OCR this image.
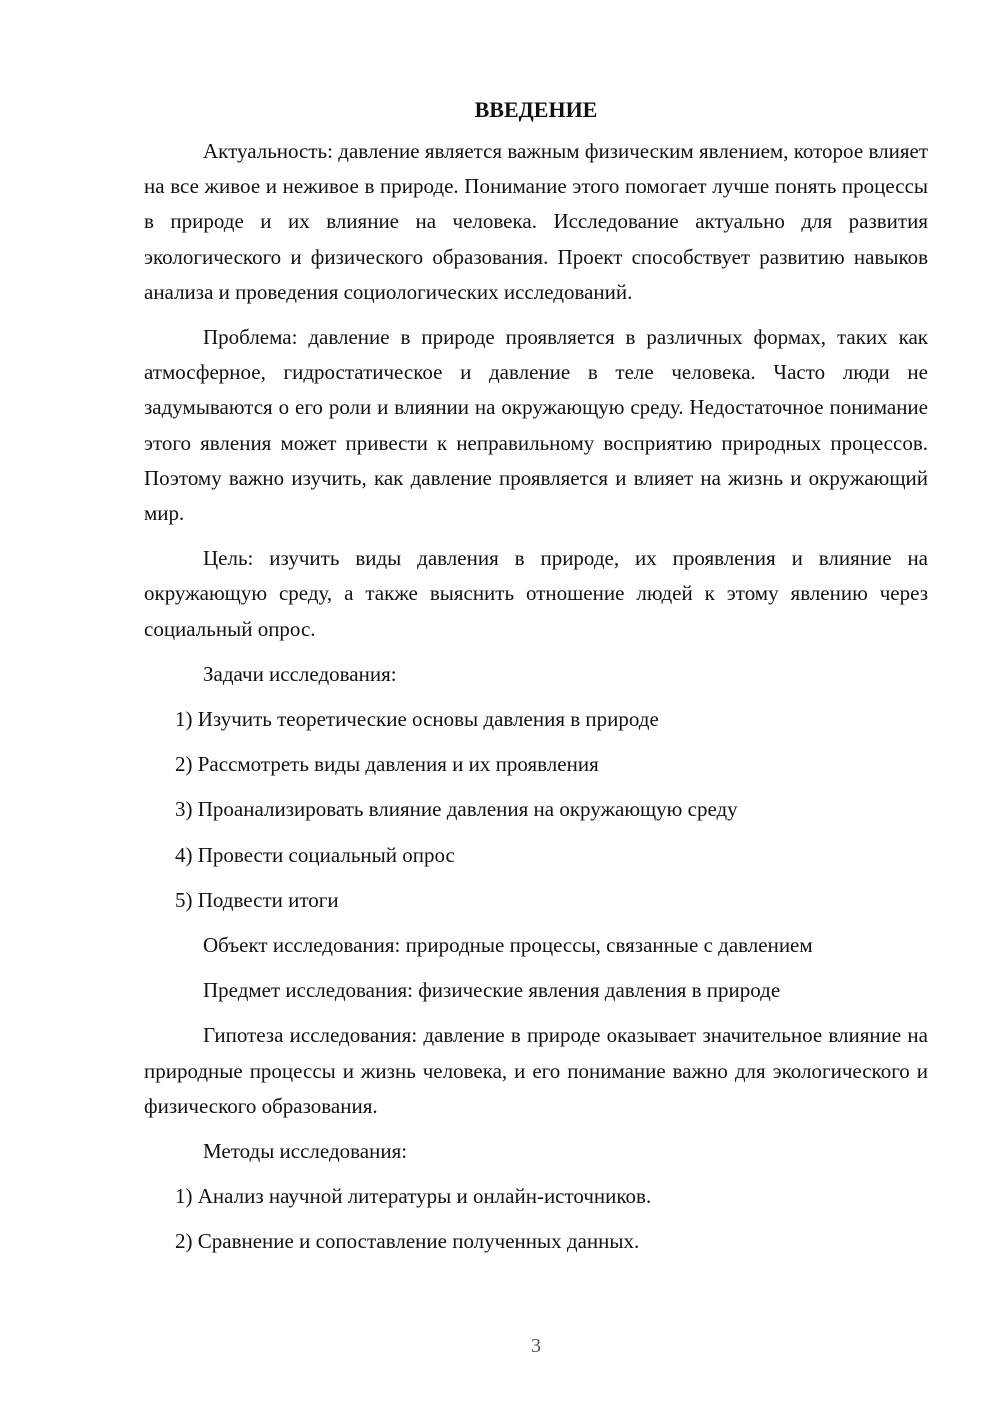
ВВЕДЕНИЕ

Актуальность: давление является важным физическим явлением, которое влияет на все живое и неживое в природе. Понимание этого помогает лучше понять процессы в природе и их влияние на человека. Исследование актуально для развития экологического и физического образования. Проект способствует развитию навыков анализа и проведения социологических исследований.

Проблема: давление в природе проявляется в различных формах, таких как атмосферное, гидростатическое и давление в теле человека. Часто люди не задумываются о его роли и влиянии на окружающую среду. Недостаточное понимание этого явления может привести к неправильному восприятию природных процессов. Поэтому важно изучить, как давление проявляется и влияет на жизнь и окружающий мир.

Цель: изучить виды давления в природе, их проявления и влияние на окружающую среду, а также выяснить отношение людей к этому явлению через социальный опрос.

Задачи исследования:

1) Изучить теоретические основы давления в природе

2) Рассмотреть виды давления и их проявления

3) Проанализировать влияние давления на окружающую среду

4) Провести социальный опрос

5) Подвести итоги

Объект исследования: природные процессы, связанные с давлением

Предмет исследования: физические явления давления в природе

Гипотеза исследования: давление в природе оказывает значительное влияние на природные процессы и жизнь человека, и его понимание важно для экологического и физического образования.

Методы исследования:

1) Анализ научной литературы и онлайн-источников.

2) Сравнение и сопоставление полученных данных.

3
